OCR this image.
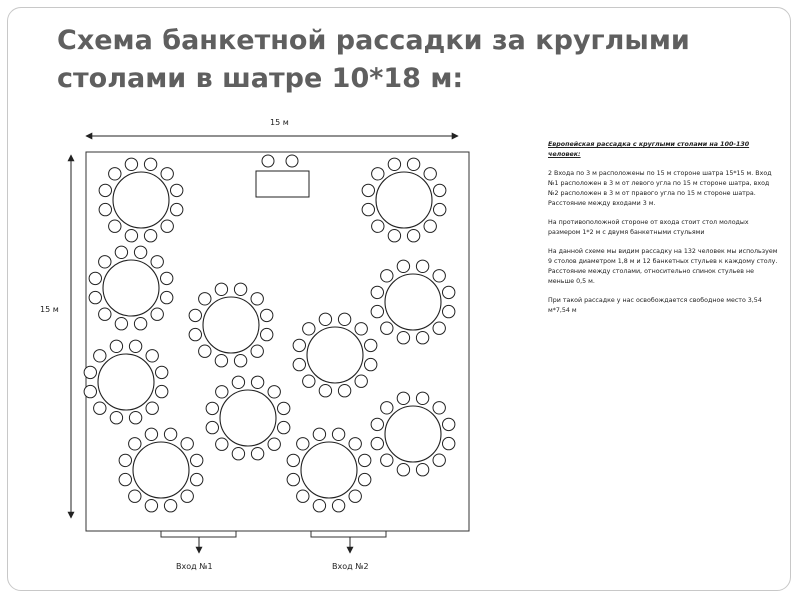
Схема банкетной рассадки за круглыми столами в шатре 10*18 м:
15 м
15 м
Вход №1	Вход №2

Европейская рассадка с круглыми столами на 100-130 человек:

2 Входа по 3 м расположены по 15 м стороне шатра 15*15 м. Вход №1 расположен в 3 м от левого угла по 15 м стороне шатра, вход №2 расположен в 3 м от правого угла по 15 м стороне шатра. Расстояние между входами 3 м.

На противоположной стороне от входа стоит стол молодых размером 1*2 м с двумя банкетными стульями

На данной схеме мы видим рассадку на 132 человек мы используем 9 столов диаметром 1,8 м и 12 банкетных стульев к каждому столу. Расстояние между столами, относительно спинок стульев не меньше 0,5 м.

При такой рассадке у нас освобождается свободное место 3,54 м*7,54 м
